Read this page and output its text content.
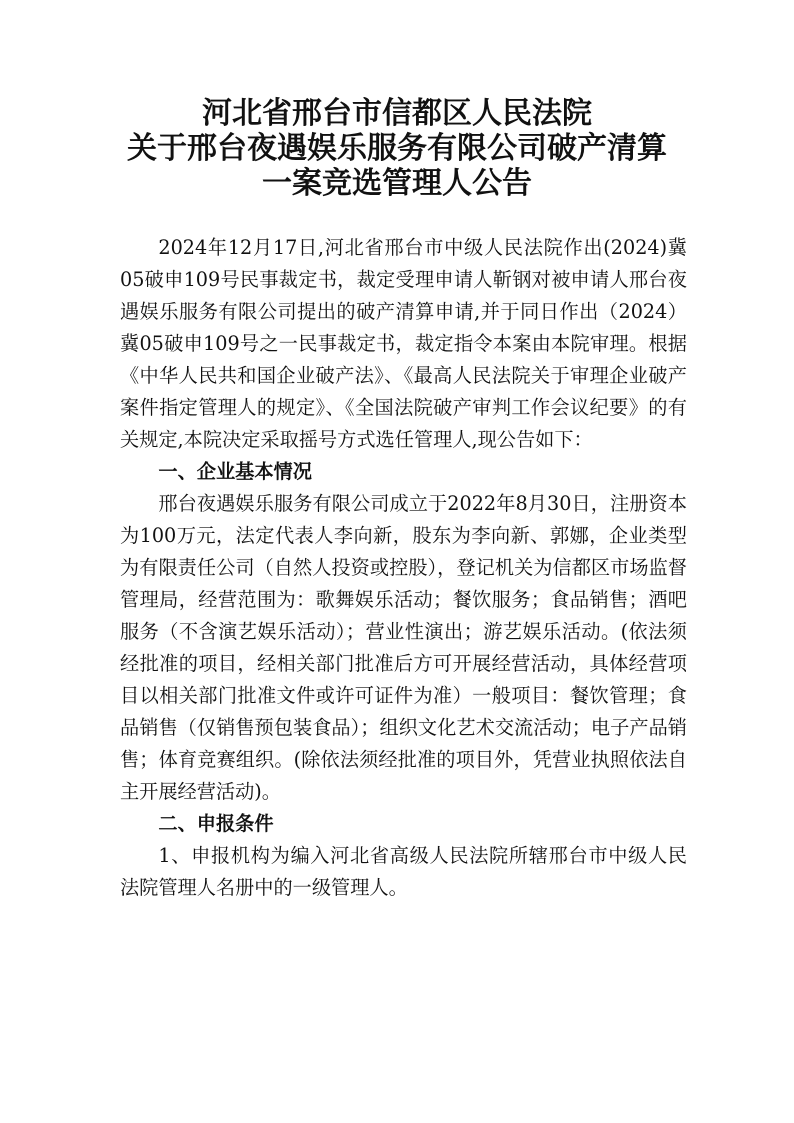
河北省邢台市信都区人民法院
关于邢台夜遇娱乐服务有限公司破产清算
一案竞选管理人公告

2024年12月17日,河北省邢台市中级人民法院作出(2024)冀05破申109号民事裁定书，裁定受理申请人靳钢对被申请人邢台夜遇娱乐服务有限公司提出的破产清算申请,并于同日作出（2024）冀05破申109号之一民事裁定书，裁定指令本案由本院审理。根据《中华人民共和国企业破产法》、《最高人民法院关于审理企业破产案件指定管理人的规定》、《全国法院破产审判工作会议纪要》的有关规定,本院决定采取摇号方式选任管理人,现公告如下：

一、企业基本情况

邢台夜遇娱乐服务有限公司成立于2022年8月30日，注册资本为100万元，法定代表人李向新，股东为李向新、郭娜，企业类型为有限责任公司（自然人投资或控股），登记机关为信都区市场监督管理局，经营范围为：歌舞娱乐活动；餐饮服务；食品销售；酒吧服务（不含演艺娱乐活动）；营业性演出；游艺娱乐活动。(依法须经批准的项目，经相关部门批准后方可开展经营活动，具体经营项目以相关部门批准文件或许可证件为准）一般项目：餐饮管理；食品销售（仅销售预包装食品）；组织文化艺术交流活动；电子产品销售；体育竞赛组织。(除依法须经批准的项目外，凭营业执照依法自主开展经营活动)。

二、申报条件

1、申报机构为编入河北省高级人民法院所辖邢台市中级人民法院管理人名册中的一级管理人。
